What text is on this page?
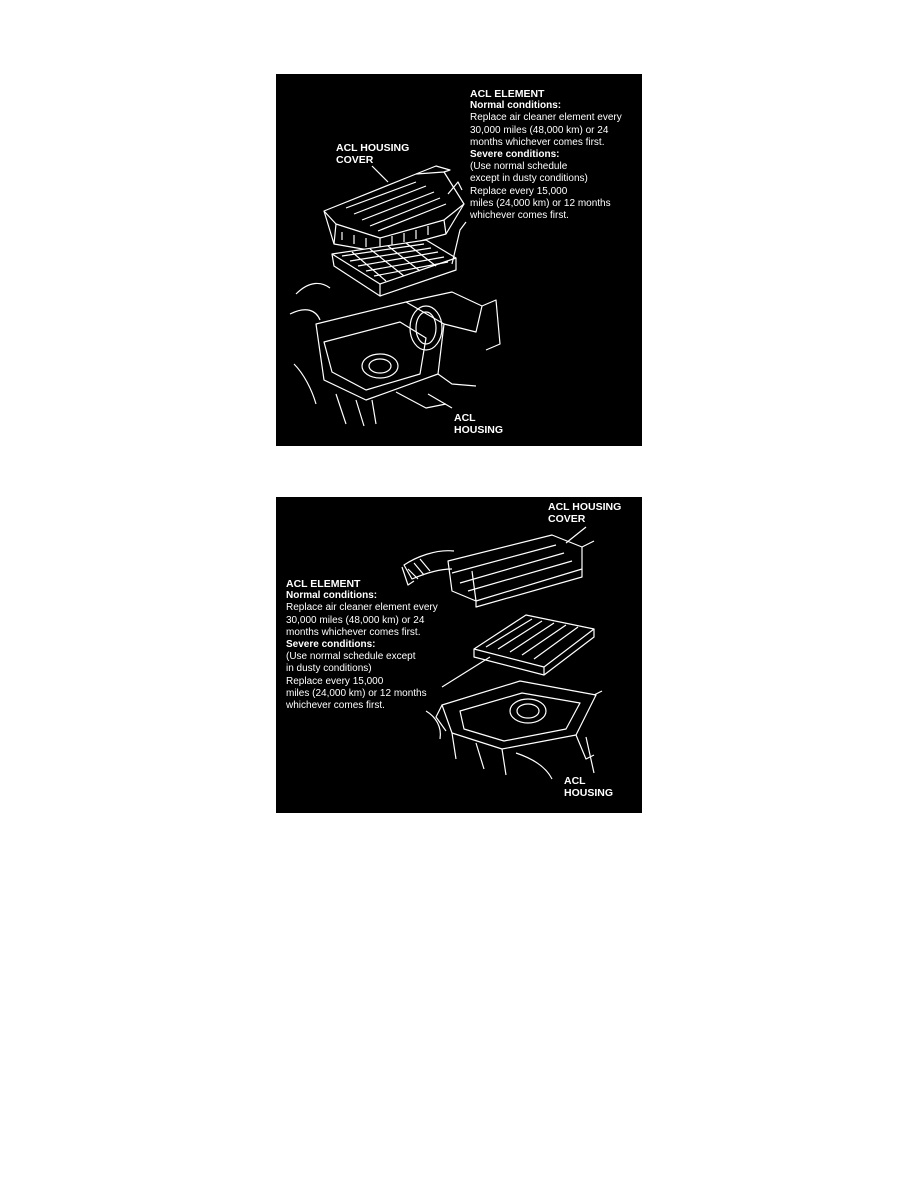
ACL HOUSING
COVER
ACL ELEMENT
Normal conditions:
Replace air cleaner element every
30,000 miles (48,000 km) or 24
months whichever comes first.
Severe conditions:
(Use normal schedule
except in dusty conditions)
Replace every 15,000
miles (24,000 km) or 12 months
whichever comes first.
ACL
HOUSING
ACL HOUSING
COVER
ACL ELEMENT
Normal conditions:
Replace air cleaner element every
30,000 miles (48,000 km) or 24
months whichever comes first.
Severe conditions:
(Use normal schedule except
in dusty conditions)
Replace every 15,000
miles (24,000 km) or 12 months
whichever comes first.
ACL
HOUSING
